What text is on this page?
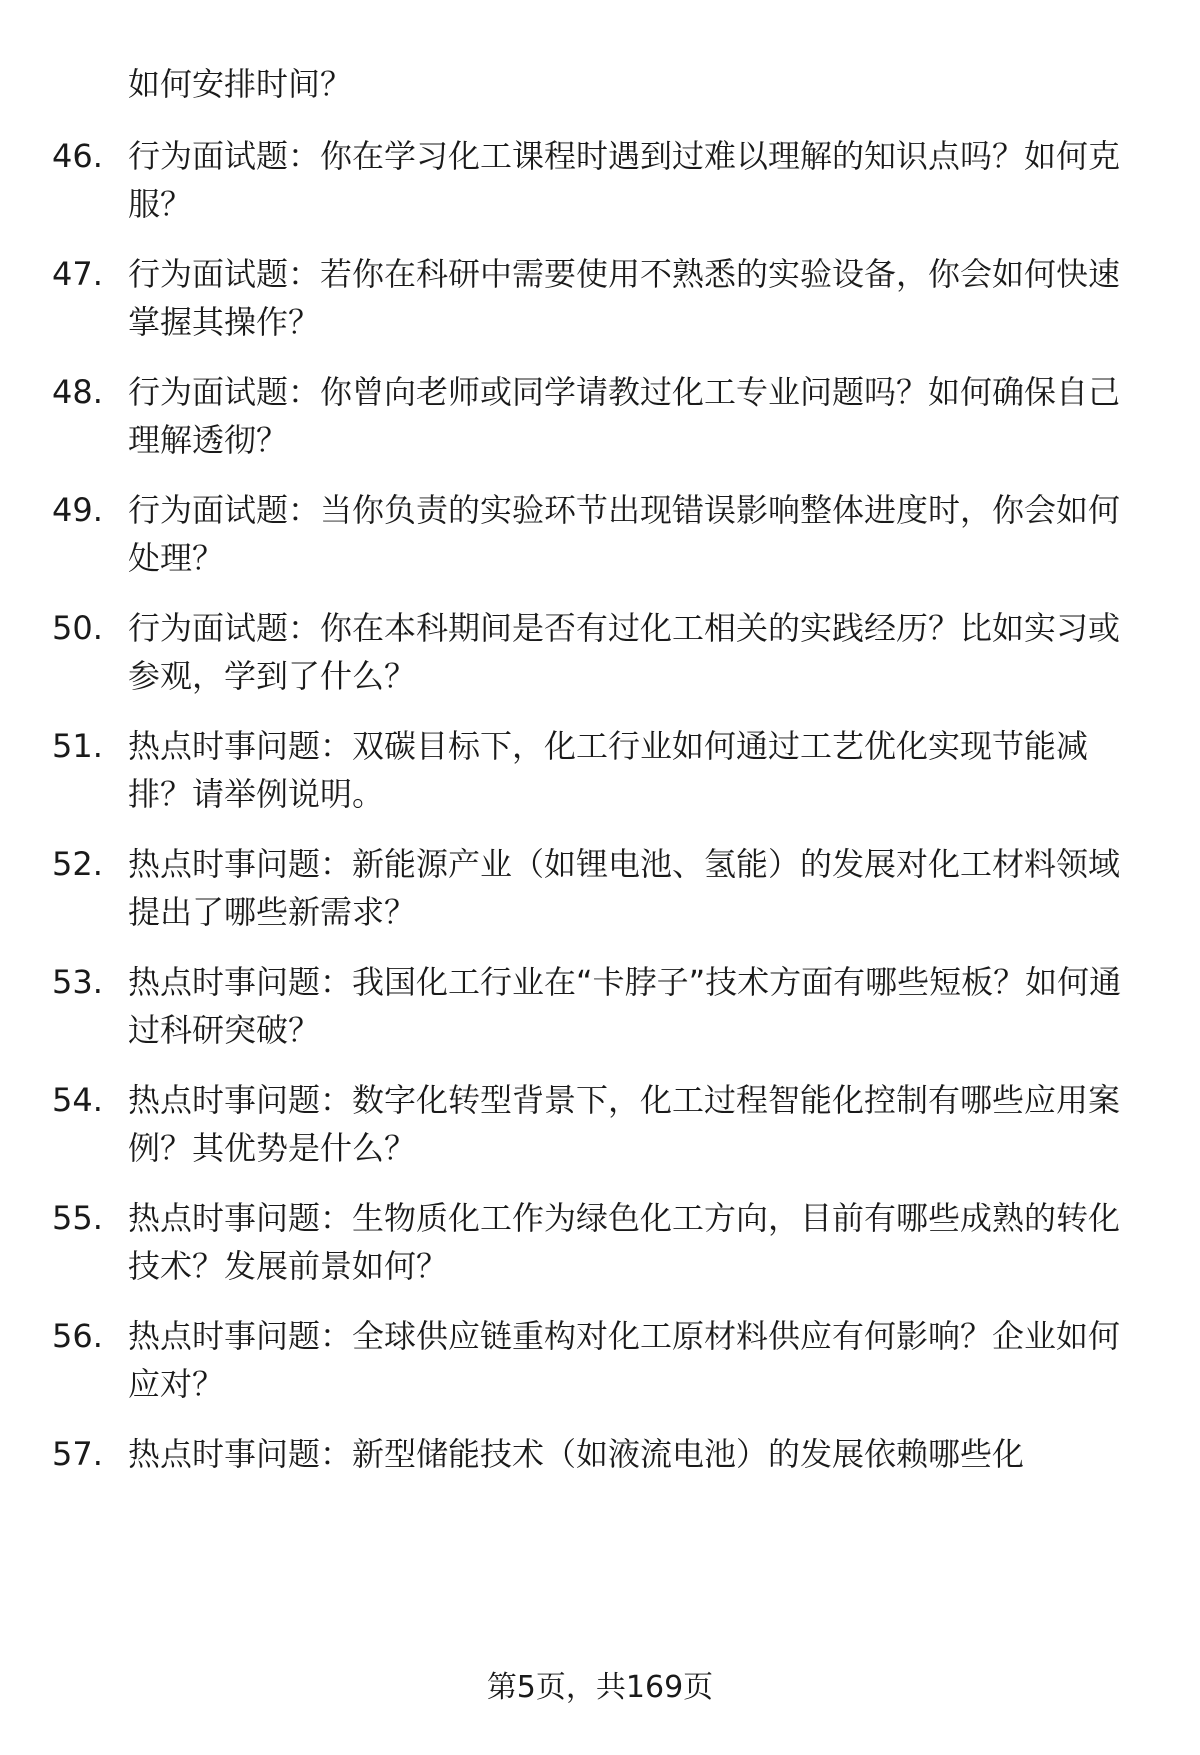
如何安排时间？

46. 行为面试题：你在学习化工课程时遇到过难以理解的知识点吗？如何克服？

47. 行为面试题：若你在科研中需要使用不熟悉的实验设备，你会如何快速掌握其操作？

48. 行为面试题：你曾向老师或同学请教过化工专业问题吗？如何确保自己理解透彻？

49. 行为面试题：当你负责的实验环节出现错误影响整体进度时，你会如何处理？

50. 行为面试题：你在本科期间是否有过化工相关的实践经历？比如实习或参观，学到了什么？

51. 热点时事问题：双碳目标下，化工行业如何通过工艺优化实现节能减排？请举例说明。

52. 热点时事问题：新能源产业（如锂电池、氢能）的发展对化工材料领域提出了哪些新需求？

53. 热点时事问题：我国化工行业在“卡脖子”技术方面有哪些短板？如何通过科研突破？

54. 热点时事问题：数字化转型背景下，化工过程智能化控制有哪些应用案例？其优势是什么？

55. 热点时事问题：生物质化工作为绿色化工方向，目前有哪些成熟的转化技术？发展前景如何？

56. 热点时事问题：全球供应链重构对化工原材料供应有何影响？企业如何应对？

57. 热点时事问题：新型储能技术（如液流电池）的发展依赖哪些化

第5页，共169页
